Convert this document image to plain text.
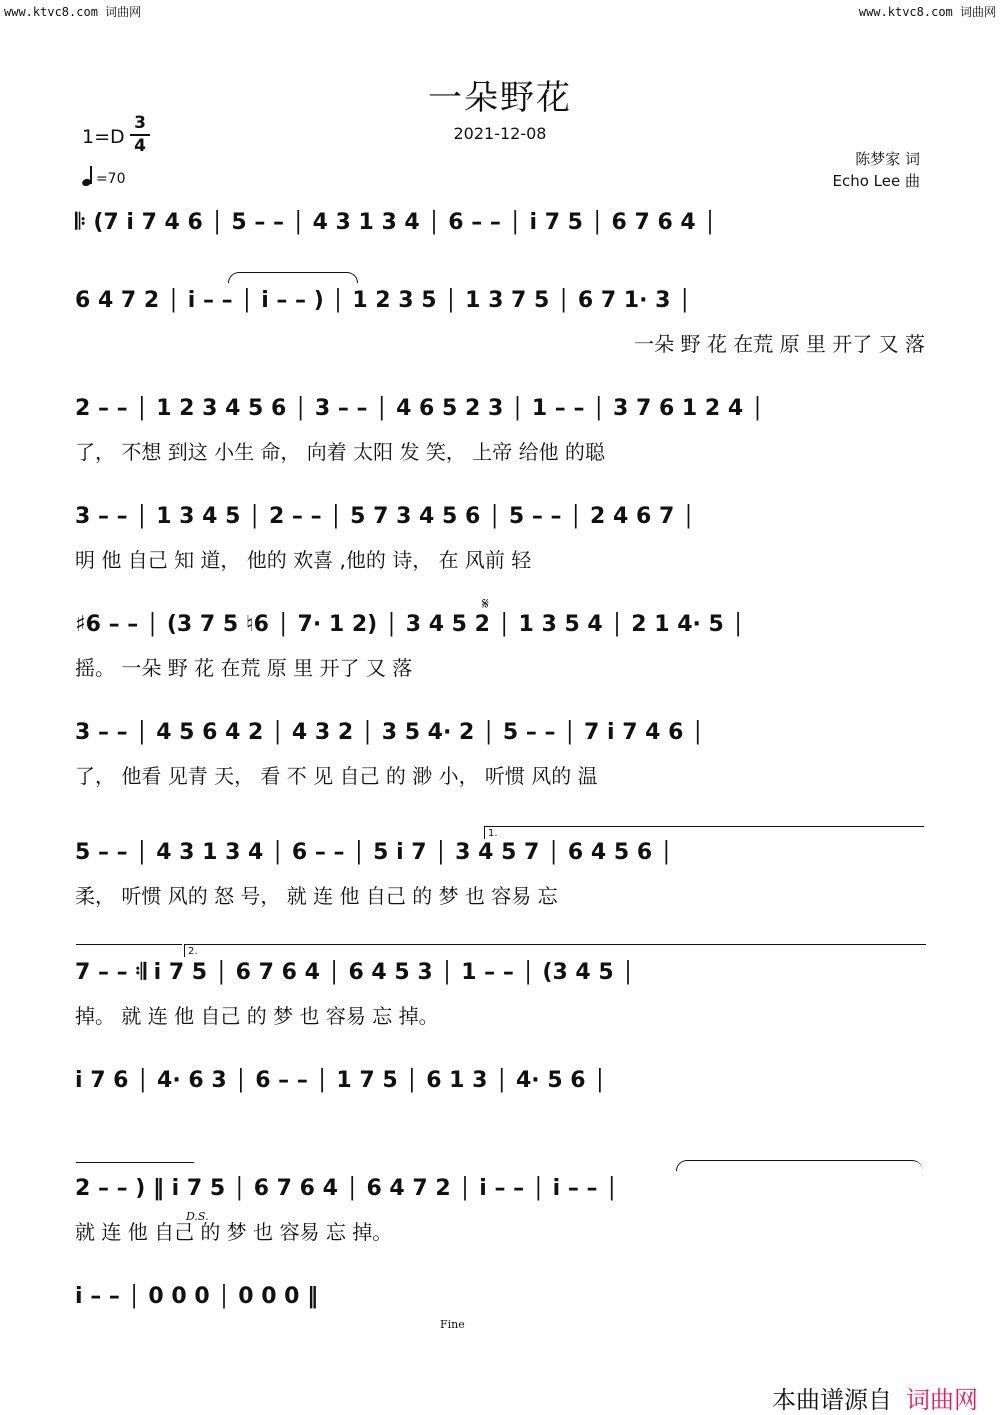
www.ktvc8.com 词曲网	www.ktvc8.com 词曲网
一朵野花
2021-12-08
1=D
3
4
=70
陈梦家 词
Echo Lee 曲
1.
2.
𝄋
D.S.
Fine
𝄆 (7 i 7 4 6 │ 5 – – │ 4 3 1 3 4 │ 6 – – │ i 7 5 │ 6 7 6 4 │
6 4 7 2 │ i – – │ i – – ) │ 1 2 3 5 │ 1 3 7 5 │ 6 7 1· 3 │
一朵 野 花 在荒 原 里 开了 又 落
2 – – │ 1 2 3 4 5 6 │ 3 – – │ 4 6 5 2 3 │ 1 – – │ 3 7 6 1 2 4 │
了， 不想 到这 小生 命， 向着 太阳 发 笑， 上帝 给他 的聪
3 – – │ 1 3 4 5 │ 2 – – │ 5 7 3 4 5 6 │ 5 – – │ 2 4 6 7 │
明 他 自己 知 道， 他的 欢喜 ,他的 诗， 在 风前 轻
♯6 – – │ (3 7 5 ♮6 │ 7· 1 2) │ 3 4 5 2 │ 1 3 5 4 │ 2 1 4· 5 │
摇。 一朵 野 花 在荒 原 里 开了 又 落
3 – – │ 4 5 6 4 2 │ 4 3 2 │ 3 5 4· 2 │ 5 – – │ 7 i 7 4 6 │
了， 他看 见青 天， 看 不 见 自己 的 渺 小， 听惯 风的 温
5 – – │ 4 3 1 3 4 │ 6 – – │ 5 i 7 │ 3 4 5 7 │ 6 4 5 6 │
柔， 听惯 风的 怒 号， 就 连 他 自己 的 梦 也 容易 忘
7 – – 𝄇 i 7 5 │ 6 7 6 4 │ 6 4 5 3 │ 1 – – │ (3 4 5 │
掉。 就 连 他 自己 的 梦 也 容易 忘 掉。
i 7 6 │ 4· 6 3 │ 6 – – │ 1 7 5 │ 6 1 3 │ 4· 5 6 │
2 – – ) ‖ i 7 5 │ 6 7 6 4 │ 6 4 7 2 │ i – – │ i – – │
就 连 他 自己 的 梦 也 容易 忘 掉。
i – – │ 0 0 0 │ 0 0 0 ‖
本曲谱源自 词曲网
